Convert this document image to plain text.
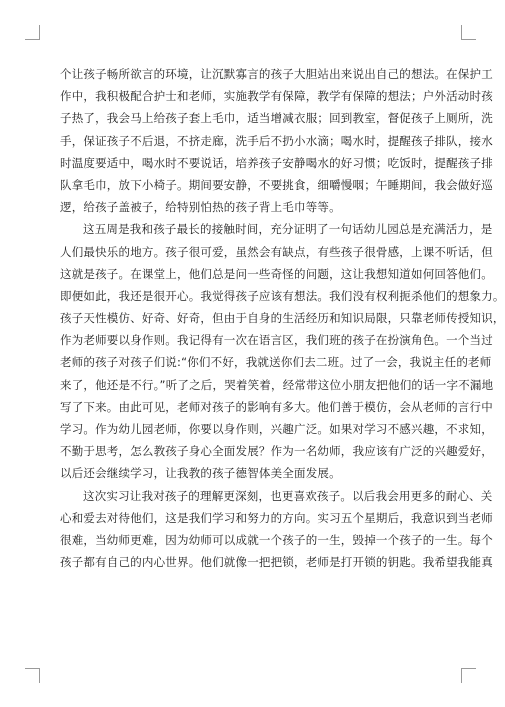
个让孩子畅所欲言的环境，让沉默寡言的孩子大胆站出来说出自己的想法。在保护工
作中，我积极配合护士和老师，实施教学有保障，教学有保障的想法；户外活动时孩
子热了，我会马上给孩子套上毛巾，适当增减衣服；回到教室，督促孩子上厕所，洗
手，保证孩子不后退，不挤走廊，洗手后不扔小水滴；喝水时，提醒孩子排队，接水
时温度要适中，喝水时不要说话，培养孩子安静喝水的好习惯；吃饭时，提醒孩子排
队拿毛巾，放下小椅子。期间要安静，不要挑食，细嚼慢咽；午睡期间，我会做好巡
逻，给孩子盖被子，给特别怕热的孩子背上毛巾等等。
这五周是我和孩子最长的接触时间，充分证明了一句话幼儿园总是充满活力，是
人们最快乐的地方。孩子很可爱，虽然会有缺点，有些孩子很骨感，上课不听话，但
这就是孩子。在课堂上，他们总是问一些奇怪的问题，这让我想知道如何回答他们。
即便如此，我还是很开心。我觉得孩子应该有想法。我们没有权利扼杀他们的想象力。
孩子天性模仿、好奇、好奇，但由于自身的生活经历和知识局限，只靠老师传授知识，
作为老师要以身作则。我记得有一次在语言区，我们班的孩子在扮演角色。一个当过
老师的孩子对孩子们说:“你们不好，我就送你们去二班。过了一会，我说主任的老师
来了，他还是不行。”听了之后，哭着笑着，经常带这位小朋友把他们的话一字不漏地
写了下来。由此可见，老师对孩子的影响有多大。他们善于模仿，会从老师的言行中
学习。作为幼儿园老师，你要以身作则，兴趣广泛。如果对学习不感兴趣，不求知，
不勤于思考，怎么教孩子身心全面发展？作为一名幼师，我应该有广泛的兴趣爱好，
以后还会继续学习，让我教的孩子德智体美全面发展。
这次实习让我对孩子的理解更深刻，也更喜欢孩子。以后我会用更多的耐心、关
心和爱去对待他们，这是我们学习和努力的方向。实习五个星期后，我意识到当老师
很难，当幼师更难，因为幼师可以成就一个孩子的一生，毁掉一个孩子的一生。每个
孩子都有自己的内心世界。他们就像一把把锁，老师是打开锁的钥匙。我希望我能真
